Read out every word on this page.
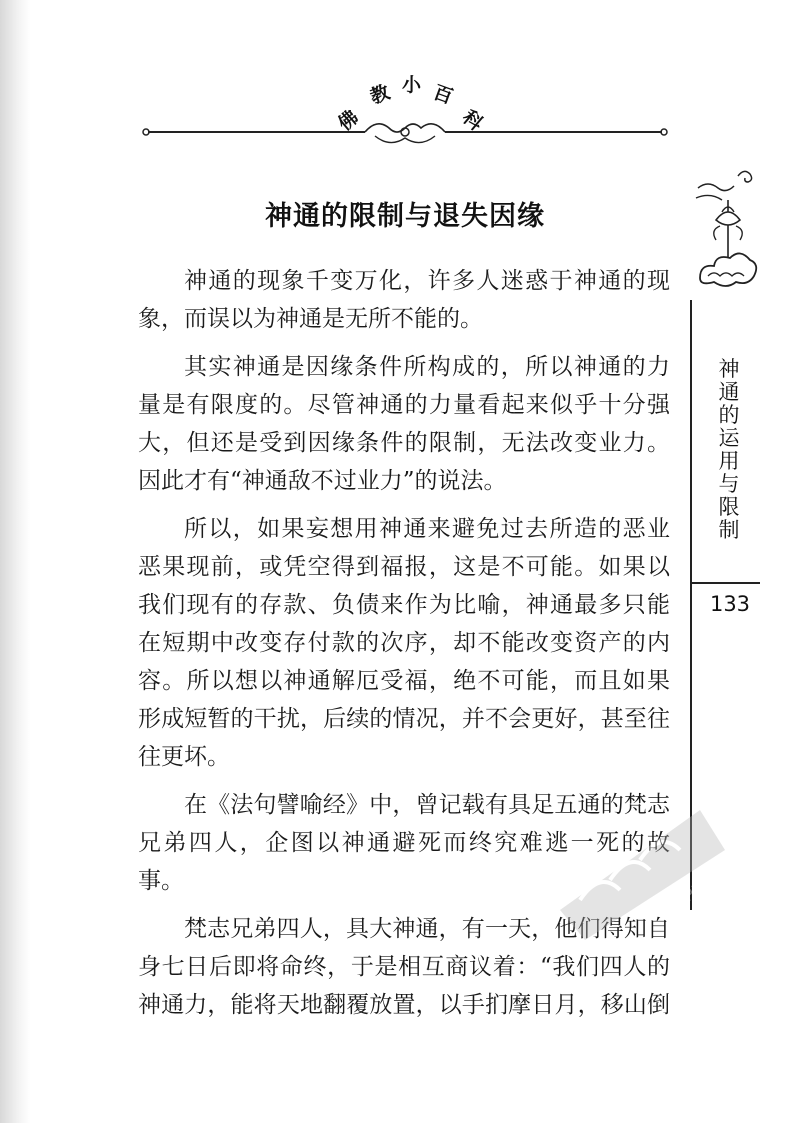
佛
教 小 百
科
神通的限制与退失因缘
神通的现象千变万化，许多人迷惑于神通的现
象，而误以为神通是无所不能的。
其实神通是因缘条件所构成的，所以神通的力
量是有限度的。尽管神通的力量看起来似乎十分强
大，但还是受到因缘条件的限制，无法改变业力。
因此才有“神通敌不过业力”的说法。
所以，如果妄想用神通来避免过去所造的恶业
恶果现前，或凭空得到福报，这是不可能。如果以
我们现有的存款、负债来作为比喻，神通最多只能
在短期中改变存付款的次序，却不能改变资产的内
容。所以想以神通解厄受福，绝不可能，而且如果
形成短暂的干扰，后续的情况，并不会更好，甚至往
往更坏。
在《法句譬喻经》中，曾记载有具足五通的梵志
兄弟四人，企图以神通避死而终究难逃一死的故
事。
梵志兄弟四人，具大神通，有一天，他们得知自
身七日后即将命终，于是相互商议着：“我们四人的
神通力，能将天地翻覆放置，以手扪摩日月，移山倒
神
通
的
运
用
与
限
制
133
PDG
